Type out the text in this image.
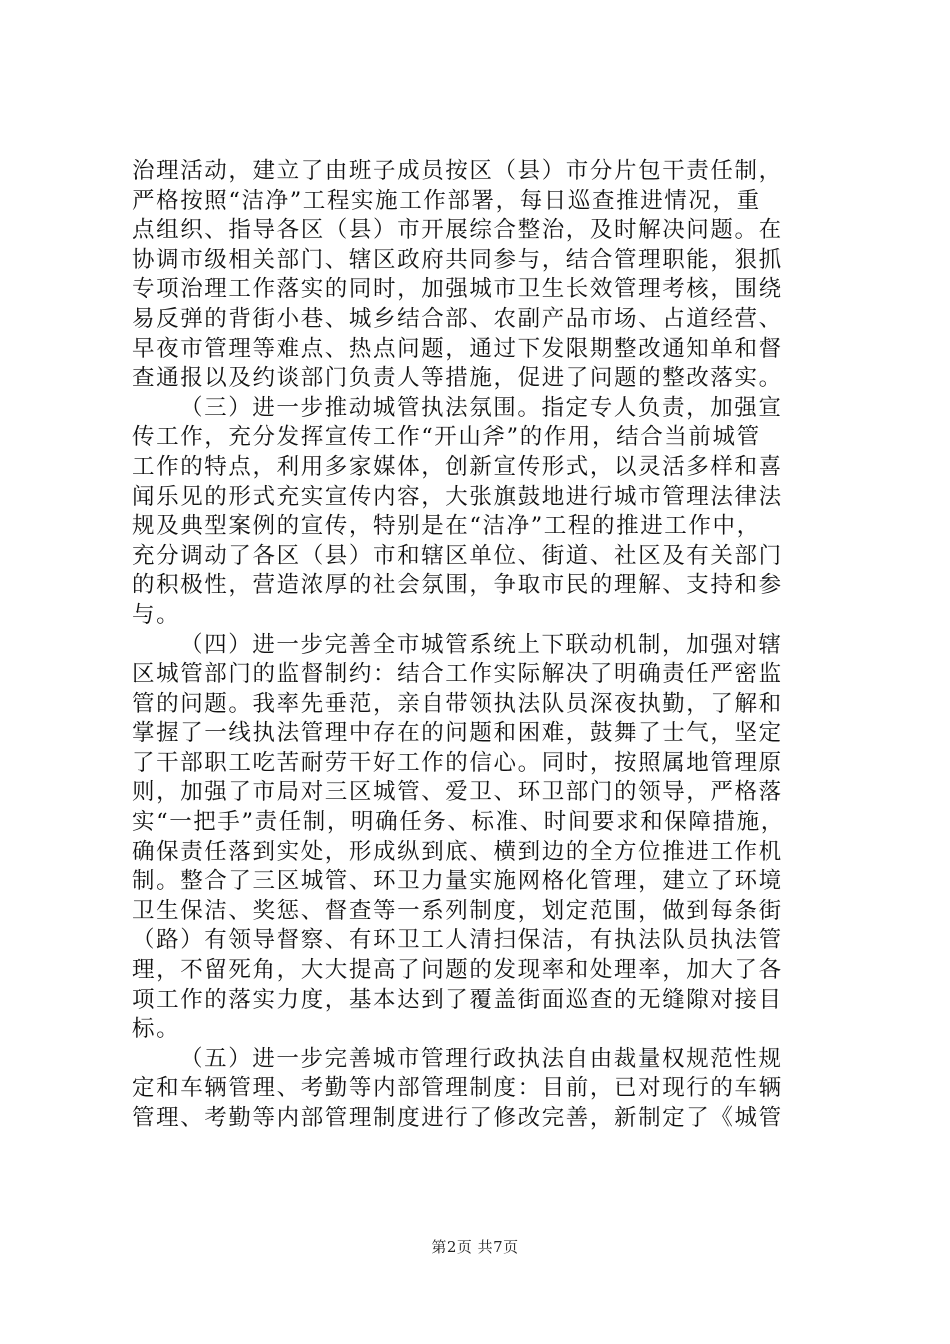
治理活动，建立了由班子成员按区（县）市分片包干责任制，
严格按照“洁净”工程实施工作部署，每日巡查推进情况，重
点组织、指导各区（县）市开展综合整治，及时解决问题。在
协调市级相关部门、辖区政府共同参与，结合管理职能，狠抓
专项治理工作落实的同时，加强城市卫生长效管理考核，围绕
易反弹的背街小巷、城乡结合部、农副产品市场、占道经营、
早夜市管理等难点、热点问题，通过下发限期整改通知单和督
查通报以及约谈部门负责人等措施，促进了问题的整改落实。
（三）进一步推动城管执法氛围。指定专人负责，加强宣
传工作，充分发挥宣传工作“开山斧”的作用，结合当前城管
工作的特点，利用多家媒体，创新宣传形式，以灵活多样和喜
闻乐见的形式充实宣传内容，大张旗鼓地进行城市管理法律法
规及典型案例的宣传，特别是在“洁净”工程的推进工作中，
充分调动了各区（县）市和辖区单位、街道、社区及有关部门
的积极性，营造浓厚的社会氛围，争取市民的理解、支持和参
与。
（四）进一步完善全市城管系统上下联动机制，加强对辖
区城管部门的监督制约：结合工作实际解决了明确责任严密监
管的问题。我率先垂范，亲自带领执法队员深夜执勤，了解和
掌握了一线执法管理中存在的问题和困难，鼓舞了士气，坚定
了干部职工吃苦耐劳干好工作的信心。同时，按照属地管理原
则，加强了市局对三区城管、爱卫、环卫部门的领导，严格落
实“一把手”责任制，明确任务、标准、时间要求和保障措施，
确保责任落到实处，形成纵到底、横到边的全方位推进工作机
制。整合了三区城管、环卫力量实施网格化管理，建立了环境
卫生保洁、奖惩、督查等一系列制度，划定范围，做到每条街
（路）有领导督察、有环卫工人清扫保洁，有执法队员执法管
理，不留死角，大大提高了问题的发现率和处理率，加大了各
项工作的落实力度，基本达到了覆盖街面巡查的无缝隙对接目
标。
（五）进一步完善城市管理行政执法自由裁量权规范性规
定和车辆管理、考勤等内部管理制度：目前，已对现行的车辆
管理、考勤等内部管理制度进行了修改完善，新制定了《城管
第2页 共7页
